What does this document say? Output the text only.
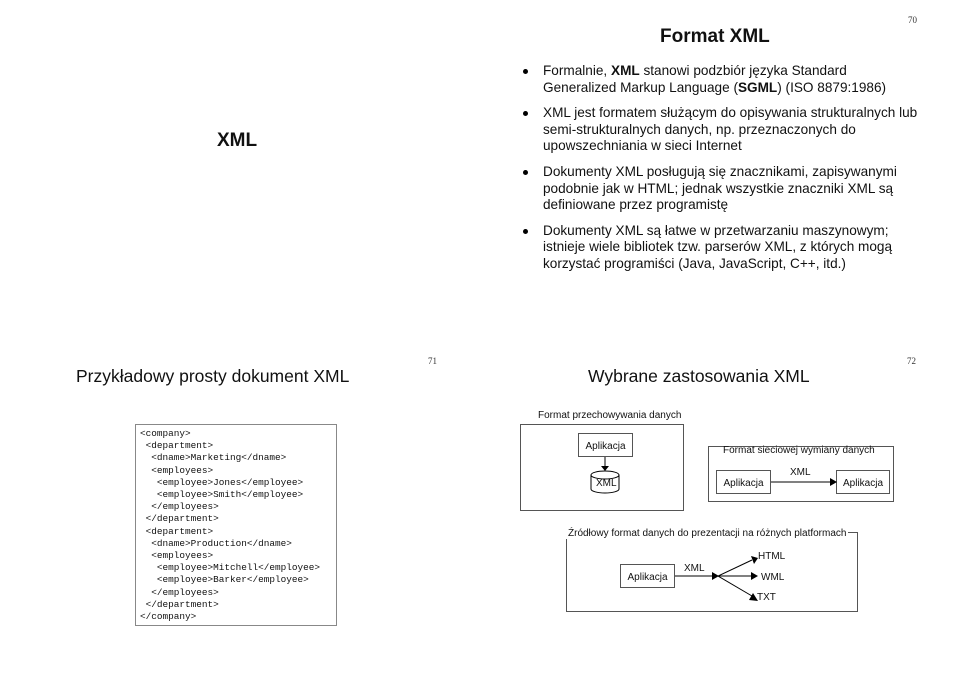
70
XML
Format XML
Formalnie, XML stanowi podzbiór języka Standard Generalized Markup Language (SGML) (ISO 8879:1986)
XML jest formatem służącym do opisywania strukturalnych lub semi-strukturalnych danych, np. przeznaczonych do upowszechniania w sieci Internet
Dokumenty XML posługują się znacznikami, zapisywanymi podobnie jak w HTML; jednak wszystkie znaczniki XML są definiowane przez programistę
Dokumenty XML są łatwe w przetwarzaniu maszynowym; istnieje wiele bibliotek tzw. parserów XML, z których mogą korzystać programiści (Java, JavaScript, C++, itd.)
71
Przykładowy prosty dokument XML
<company>
<department>
<dname>Marketing</dname>
<employees>
<employee>Jones</employee>
<employee>Smith</employee>
</employees>
</department>
<department>
<dname>Production</dname>
<employees>
<employee>Mitchell</employee>
<employee>Barker</employee>
</employees>
</department>
</company>
72
Wybrane zastosowania XML
Format przechowywania danych
Aplikacja
XML
Format sieciowej wymiany danych
Aplikacja	Aplikacja
XML
Źródłowy format danych do prezentacji na różnych platformach
Aplikacja
XML
HTML
WML
TXT
